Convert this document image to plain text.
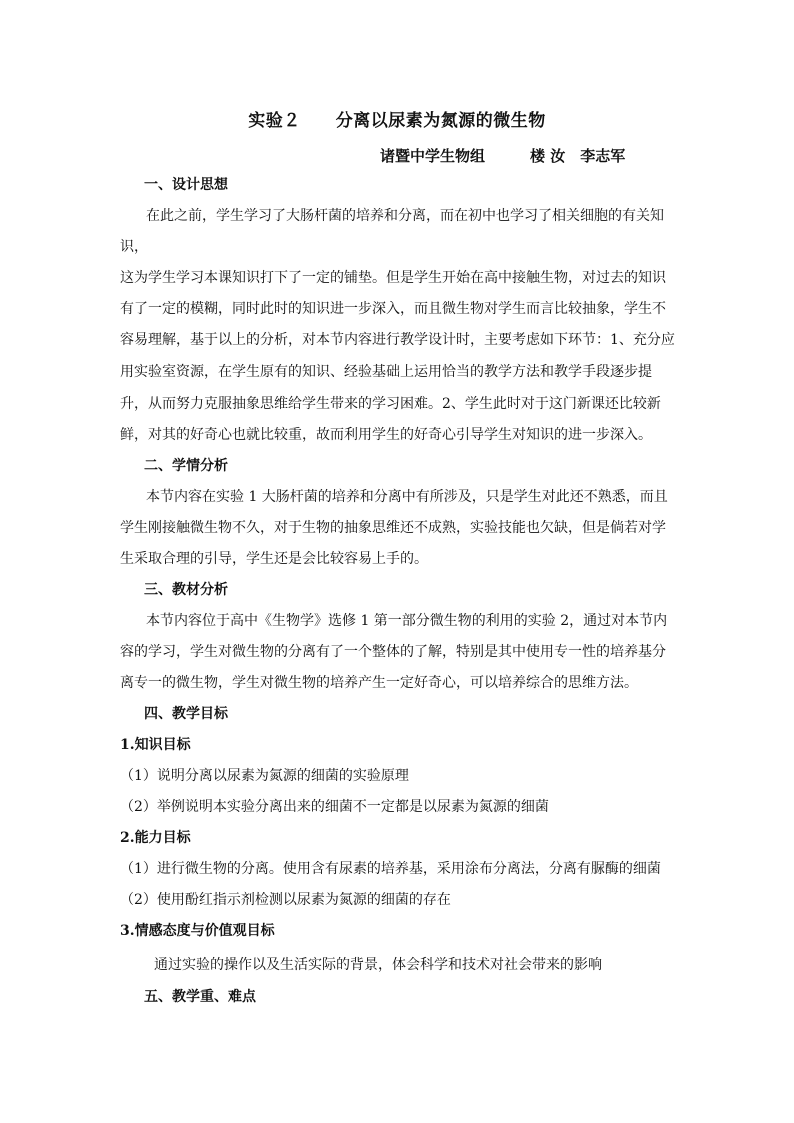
实验２　　分离以尿素为氮源的微生物
诸暨中学生物组　　　楼 汝　李志军
一、设计思想
在此之前，学生学习了大肠杆菌的培养和分离，而在初中也学习了相关细胞的有关知
识，
这为学生学习本课知识打下了一定的铺垫。但是学生开始在高中接触生物，对过去的知识
有了一定的模糊，同时此时的知识进一步深入，而且微生物对学生而言比较抽象，学生不
容易理解，基于以上的分析，对本节内容进行教学设计时，主要考虑如下环节：1、充分应
用实验室资源，在学生原有的知识、经验基础上运用恰当的教学方法和教学手段逐步提
升，从而努力克服抽象思维给学生带来的学习困难。2、学生此时对于这门新课还比较新
鲜，对其的好奇心也就比较重，故而利用学生的好奇心引导学生对知识的进一步深入。
二、学情分析
本节内容在实验 1 大肠杆菌的培养和分离中有所涉及，只是学生对此还不熟悉，而且
学生刚接触微生物不久，对于生物的抽象思维还不成熟，实验技能也欠缺，但是倘若对学
生采取合理的引导，学生还是会比较容易上手的。
三、教材分析
本节内容位于高中《生物学》选修 1 第一部分微生物的利用的实验 2，通过对本节内
容的学习，学生对微生物的分离有了一个整体的了解，特别是其中使用专一性的培养基分
离专一的微生物，学生对微生物的培养产生一定好奇心，可以培养综合的思维方法。
四、教学目标
1.知识目标
（1）说明分离以尿素为氮源的细菌的实验原理
（2）举例说明本实验分离出来的细菌不一定都是以尿素为氮源的细菌
2.能力目标
（1）进行微生物的分离。使用含有尿素的培养基，采用涂布分离法，分离有脲酶的细菌
（2）使用酚红指示剂检测以尿素为氮源的细菌的存在
3.情感态度与价值观目标
通过实验的操作以及生活实际的背景，体会科学和技术对社会带来的影响
五、教学重、难点
